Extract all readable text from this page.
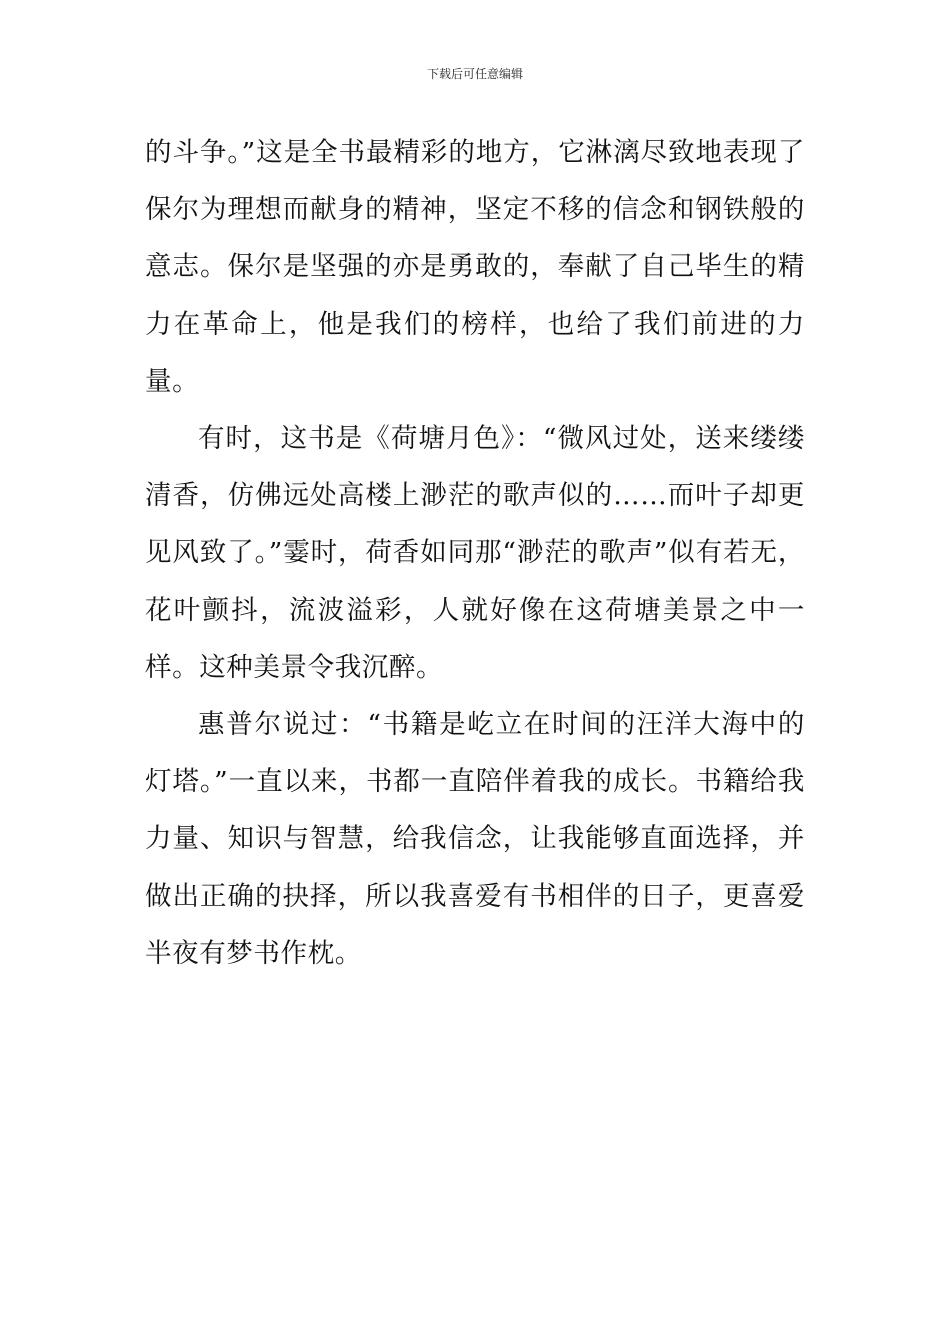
下载后可任意编辑

的斗争。”这是全书最精彩的地方，它淋漓尽致地表现了保尔为理想而献身的精神，坚定不移的信念和钢铁般的意志。保尔是坚强的亦是勇敢的，奉献了自己毕生的精力在革命上，他是我们的榜样，也给了我们前进的力量。

有时，这书是《荷塘月色》：“微风过处，送来缕缕清香，仿佛远处高楼上渺茫的歌声似的……而叶子却更见风致了。”霎时，荷香如同那“渺茫的歌声”似有若无，花叶颤抖，流波溢彩，人就好像在这荷塘美景之中一样。这种美景令我沉醉。

惠普尔说过：“书籍是屹立在时间的汪洋大海中的灯塔。”一直以来，书都一直陪伴着我的成长。书籍给我力量、知识与智慧，给我信念，让我能够直面选择，并做出正确的抉择，所以我喜爱有书相伴的日子，更喜爱半夜有梦书作枕。
